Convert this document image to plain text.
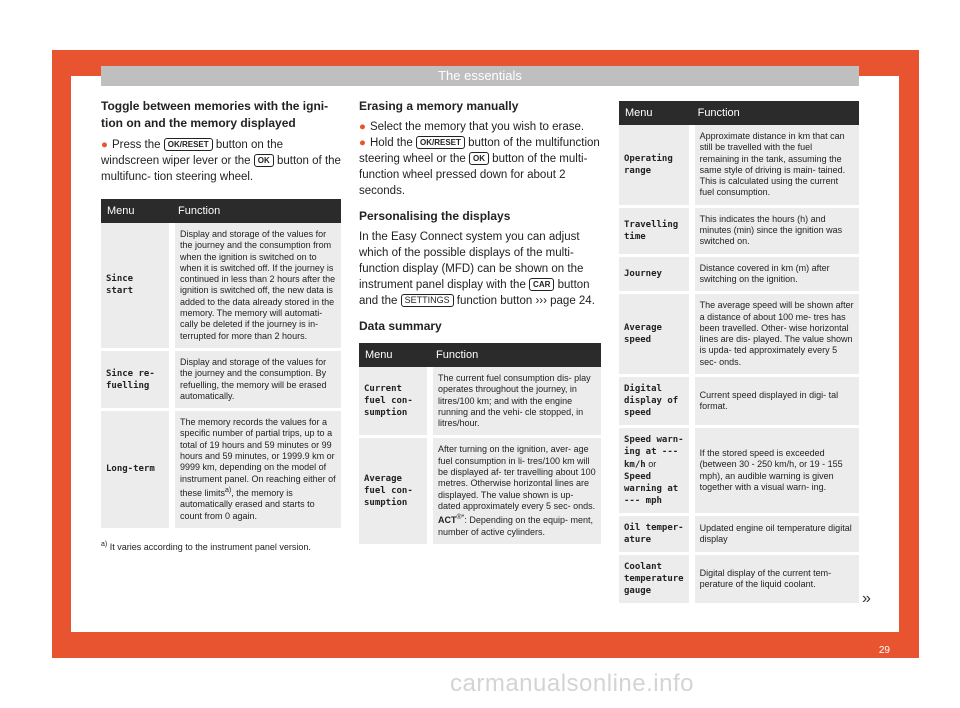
The essentials
Toggle between memories with the igni-
tion on and the memory displayed

● Press the OK/RESET button on the windscreen wiper lever or the OK button of the multifunc- tion steering wheel.

Menu	Function
Since start	Display and storage of the values for the journey and the consumption from when the ignition is switched on to when it is switched off. If the journey is continued in less than 2 hours after the ignition is switched off, the new data is added to the data already stored in the memory. The memory will automati- cally be deleted if the journey is in- terrupted for more than 2 hours.
Since re- fuelling	Display and storage of the values for the journey and the consumption. By refuelling, the memory will be erased automatically.
Long-term	The memory records the values for a specific number of partial trips, up to a total of 19 hours and 59 minutes or 99 hours and 59 minutes, or 1999.9 km or 9999 km, depending on the model of instrument panel. On reaching either of these limits$^{a)}$, the memory is automatically erased and starts to count from 0 again.

$^{a)}$ It varies according to the instrument panel version.

Erasing a memory manually

● Select the memory that you wish to erase.

● Hold the OK/RESET button of the multifunction steering wheel or the OK button of the multi- function wheel pressed down for about 2 seconds.

Personalising the displays

In the Easy Connect system you can adjust which of the possible displays of the multi- function display (MFD) can be shown on the instrument panel display with the CAR button and the SETTINGS function button ››› page 24.

Data summary
Menu	Function
Current fuel con- sumption	The current fuel consumption dis- play operates throughout the journey, in litres/100 km; and with the engine running and the vehi- cle stopped, in litres/hour.
Average fuel con- sumption	After turning on the ignition, aver- age fuel consumption in li- tres/100 km will be displayed af- ter travelling about 100 metres. Otherwise horizontal lines are displayed. The value shown is up- dated approximately every 5 sec- onds.
ACT®*: Depending on the equip- ment, number of active cylinders.
Menu	Function
Operating range	Approximate distance in km that can still be travelled with the fuel remaining in the tank, assuming the same style of driving is main- tained. This is calculated using the current fuel consumption.
Travelling time	This indicates the hours (h) and minutes (min) since the ignition was switched on.
Journey	Distance covered in km (m) after switching on the ignition.
Average speed	The average speed will be shown after a distance of about 100 me- tres has been travelled. Other- wise horizontal lines are dis- played. The value shown is upda- ted approximately every 5 sec- onds.
Digital display of speed	Current speed displayed in digi- tal format.
Speed warn- ing at --- km/h or Speed warning at --- mph	If the stored speed is exceeded (between 30 - 250 km/h, or 19 - 155 mph), an audible warning is given together with a visual warn- ing.
Oil temper- ature	Updated engine oil temperature digital display
Coolant temperature gauge	Digital display of the current tem- perature of the liquid coolant.
»
29
carmanualsonline.info
